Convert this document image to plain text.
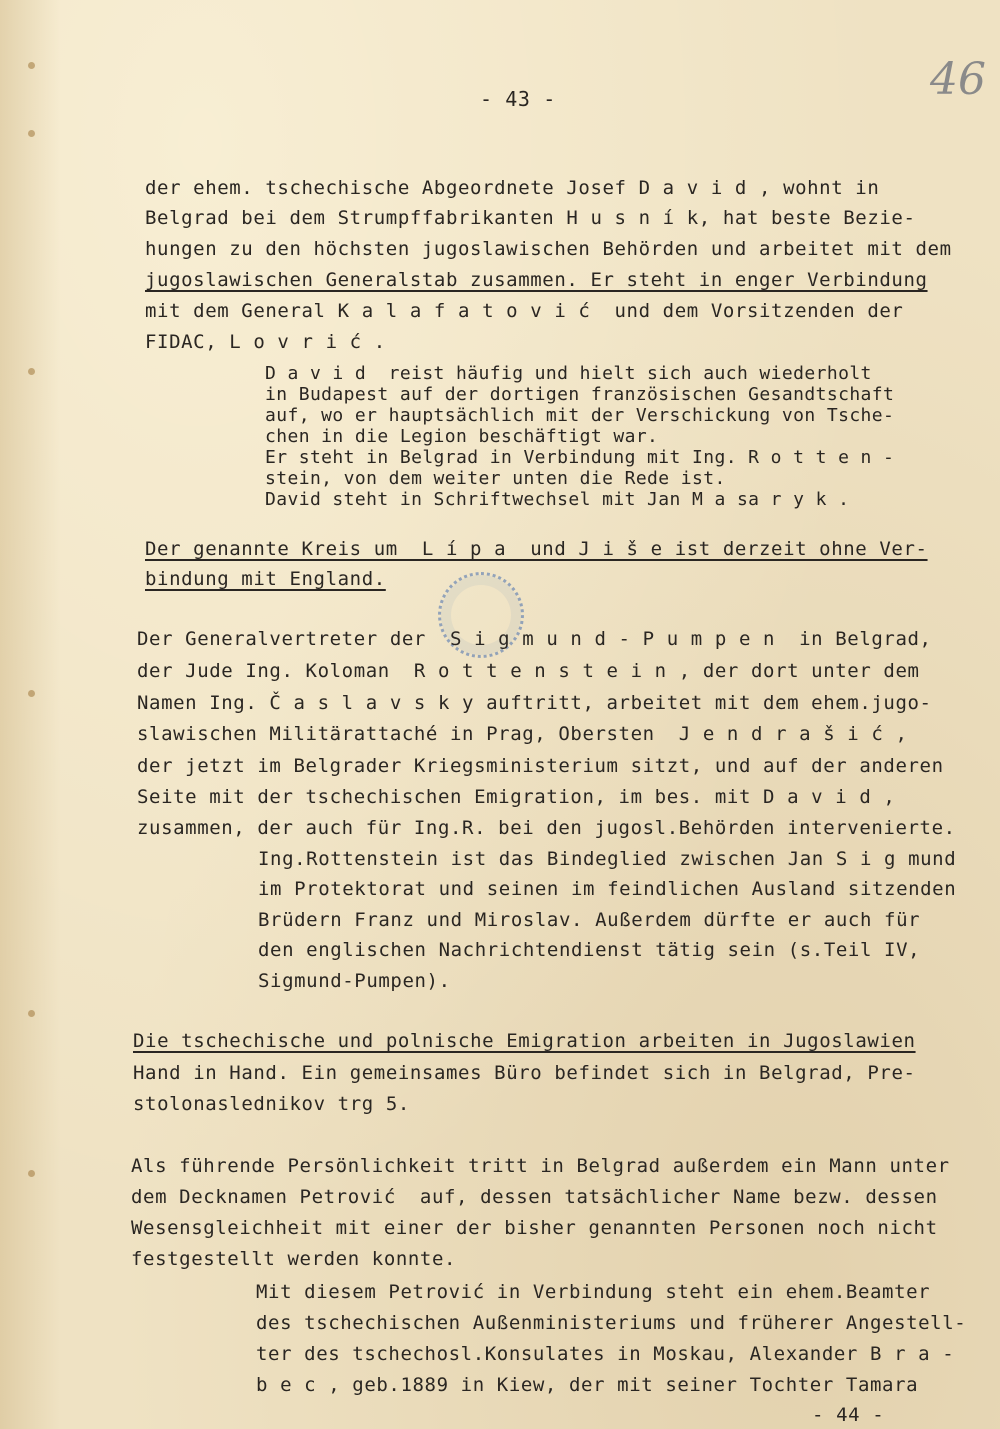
- 43 -	46
der ehem. tschechische Abgeordnete Josef D a v i d , wohnt in
Belgrad bei dem Strumpffabrikanten H u s n í k, hat beste Bezie-
hungen zu den höchsten jugoslawischen Behörden und arbeitet mit dem
jugoslawischen Generalstab zusammen. Er steht in enger Verbindung
mit dem General K a l a f a t o v i ć  und dem Vorsitzenden der
FIDAC, L o v r i ć .
D a v i d  reist häufig und hielt sich auch wiederholt
in Budapest auf der dortigen französischen Gesandtschaft
auf, wo er hauptsächlich mit der Verschickung von Tsche-
chen in die Legion beschäftigt war.
Er steht in Belgrad in Verbindung mit Ing. R o t t e n -
stein, von dem weiter unten die Rede ist.
David steht in Schriftwechsel mit Jan M a sa r y k .
Der genannte Kreis um  L í p a  und J i š e ist derzeit ohne Ver-
bindung mit England.
Der Generalvertreter der  S i g m u n d - P u m p e n  in Belgrad,
der Jude Ing. Koloman  R o t t e n s t e i n , der dort unter dem
Namen Ing. Č a s l a v s k y auftritt, arbeitet mit dem ehem.jugo-
slawischen Militärattaché in Prag, Obersten  J e n d r a š i ć ,
der jetzt im Belgrader Kriegsministerium sitzt, und auf der anderen
Seite mit der tschechischen Emigration, im bes. mit D a v i d ,
zusammen, der auch für Ing.R. bei den jugosl.Behörden intervenierte.
Ing.Rottenstein ist das Bindeglied zwischen Jan S i g mund
im Protektorat und seinen im feindlichen Ausland sitzenden
Brüdern Franz und Miroslav. Außerdem dürfte er auch für
den englischen Nachrichtendienst tätig sein (s.Teil IV,
Sigmund-Pumpen).
Die tschechische und polnische Emigration arbeiten in Jugoslawien
Hand in Hand. Ein gemeinsames Büro befindet sich in Belgrad, Pre-
stolonaslednikov trg 5.
Als führende Persönlichkeit tritt in Belgrad außerdem ein Mann unter
dem Decknamen Petrović  auf, dessen tatsächlicher Name bezw. dessen
Wesensgleichheit mit einer der bisher genannten Personen noch nicht
festgestellt werden konnte.
Mit diesem Petrović in Verbindung steht ein ehem.Beamter
des tschechischen Außenministeriums und früherer Angestell-
ter des tschechosl.Konsulates in Moskau, Alexander B r a -
b e c , geb.1889 in Kiew, der mit seiner Tochter Tamara
- 44 -
